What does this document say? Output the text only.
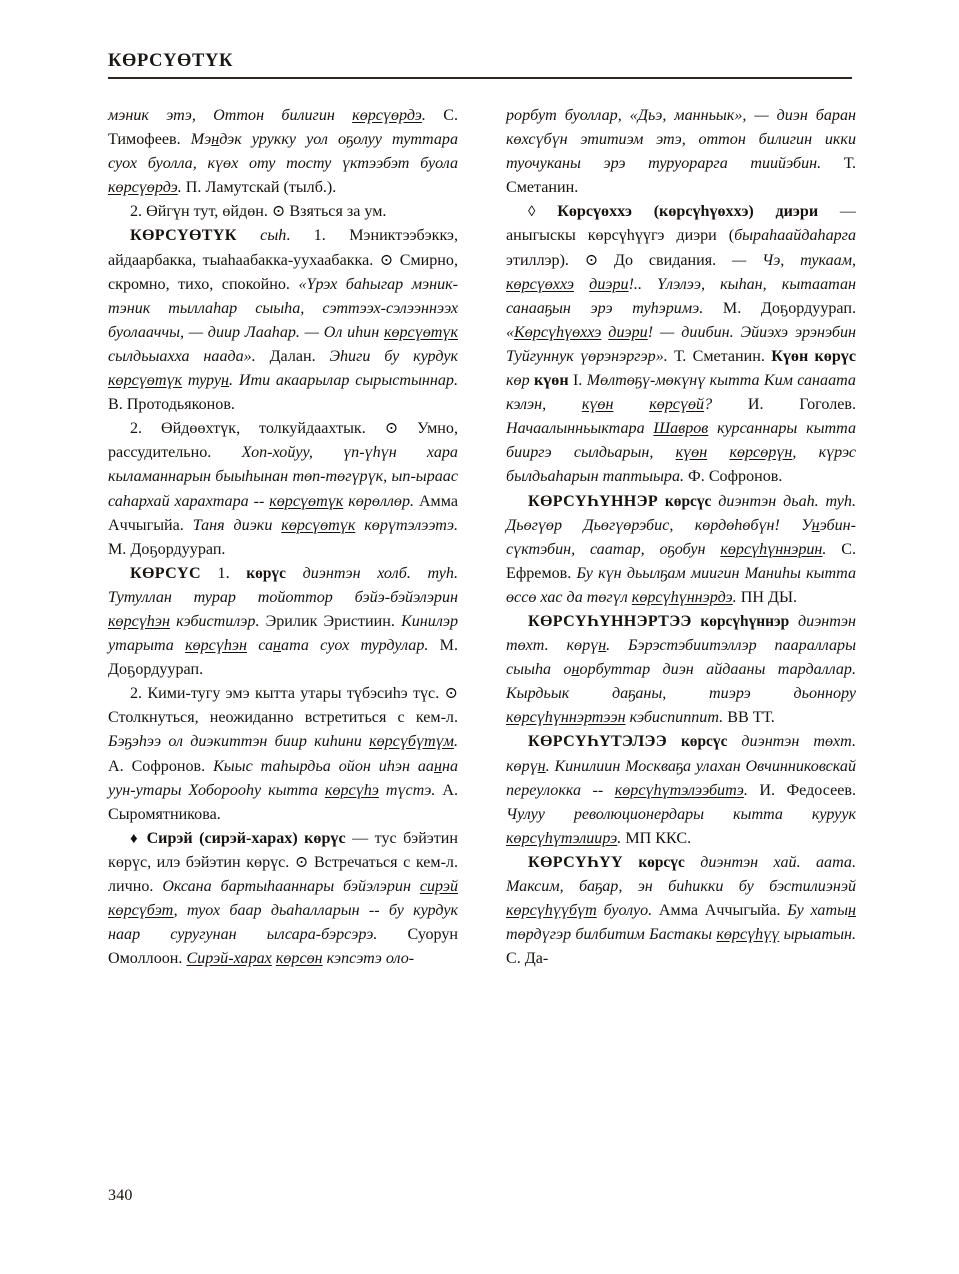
КӨРСҮӨТҮК

мэник этэ, Оттон билигин көрсүөрдэ. С. Тимофеев. Мэндэк урукку уол оҕолуу туттара суох буолла, күөх оту тосту үктээбэт буола көрсүөрдэ. П. Ламутскай (тылб.).

2. Өйгүн тут, өйдөн. ⊙ Взяться за ум.

КӨРСҮӨТҮК сыһ. 1. Мэниктээбэккэ, айдаарбакка, тыаһаабакка-уухаабакка. ⊙ Смирно, скромно, тихо, спокойно. «Үрэх баһыгар мэник-тэник тыллаһар сыыһа, сэттээх-сэлээннээх буолааччы, — диир Лааһар. — Ол иһин көрсүөтүк сылдьыахха наада». Далан. Эһиги бу курдук көрсүөтүк турун. Ити акаарылар сырыстыннар. В. Протодьяконов.

2. Өйдөөхтүк, толкуйдаахтык. ⊙ Умно, рассудительно. Хоп-хойуу, үп-үһүн хара кыламаннарын быыһынан төп-төгүрүк, ып-ыраас саһархай харахтара -- көрсүөтүк көрөллөр. Амма Аччыгыйа. Таня диэки көрсүөтүк көрүтэлээтэ. М. Доҕордуурап.

КӨРСҮС 1. көрүс диэнтэн холб. туһ. Тутуллан турар тойоттор бэйэ-бэйэлэрин көрсүһэн кэбистилэр. Эрилик Эристиин. Кинилэр утарыта көрсүһэн саната суох турдулар. М. Доҕордуурап.

2. Кими-тугу эмэ кытта утары түбэсиһэ түс. ⊙ Столкнуться, неожиданно встретиться с кем-л. Бэҕэһээ ол диэкиттэн биир киһини көрсүбүтүм. А. Софронов. Кыыс таһырдьа ойон иһэн аанна уун-утары Хоборооһу кытта көрсүһэ түстэ. А. Сыромятникова.

♦ Сирэй (сирэй-харах) көрүс — тус бэйэтин көрүс, илэ бэйэтин көрүс. ⊙ Встречаться с кем-л. лично. Оксана бартыһааннары бэйэлэрин сирэй көрсүбэт, туох баар дьаһалларын -- бу курдук наар суругунан ылсара-бэрсэрэ. Суорун Омоллоон. Сирэй-харах көрсөн кэпсэтэ оло-

рорбут буоллар, «Дьэ, манньык», — диэн баран көхсүбүн этитиэм этэ, оттон билигин икки туочуканы эрэ туруорарга тиийэбин. Т. Сметанин.

◊ Көрсүөххэ (көрсүһүөххэ) диэри — аныгыскы көрсүһүүгэ диэри (быраһаайдаһарга этиллэр). ⊙ До свидания. — Чэ, тукаам, көрсүөххэ диэри!.. Үлэлээ, кыһан, кытаатан санааҕын эрэ туһэримэ. М. Доҕордуурап. «Көрсүһүөххэ диэри! — диибин. Эйиэхэ эрэнэбин Туйгуннук үөрэнэргэр». Т. Сметанин. Күөн көрүс көр күөн I. Мөлтөҕү-мөкүнү кытта Ким санаата кэлэн, күөн көрсүөй? И. Гоголев. Начаалынньыктара Шавров курсаннары кытта бииргэ сылдьарын, күөн көрсөрүн, күрэс былдьаһарын таптыыра. Ф. Софронов.

КӨРСҮҺҮННЭР көрсүс диэнтэн дьаһ. туһ. Дьөгүөр Дьөгүөрэбис, көрдөһөбүн! Унэбин-сүктэбин, саатар, оҕобун көрсүһүннэрин. С. Ефремов. Бу күн дьылҕам миигин Маниһы кытта өссө хас да төгүл көрсүһүннэрдэ. ПН ДЫ.

КӨРСҮҺҮННЭРТЭЭ көрсүһүннэр диэнтэн төхт. көрүн. Бэрэстэбиитэллэр паараллары сыыһа онорбуттар диэн айдааны тардаллар. Кырдьык даҕаны, тиэрэ дьоннору көрсүһүннэртээн кэбиспиппит. ВВ ТТ.

КӨРСҮҺҮТЭЛЭЭ көрсүс диэнтэн төхт. көрүн. Кинилиин Москваҕа улахан Овчинниковскай переулокка -- көрсүһүтэлээбитэ. И. Федосеев. Чулуу революционердары кытта куруук көрсүһүтэлиирэ. МП ККС.

КӨРСҮҺҮҮ көрсүс диэнтэн хай. аата. Максим, баҕар, эн биһикки бу бэстилиэнэй көрсүһүүбүт буолуо. Амма Аччыгыйа. Бу хатын төрдүгэр билбитим Бастакы көрсүһүү ырыатын. С. Да-

340
